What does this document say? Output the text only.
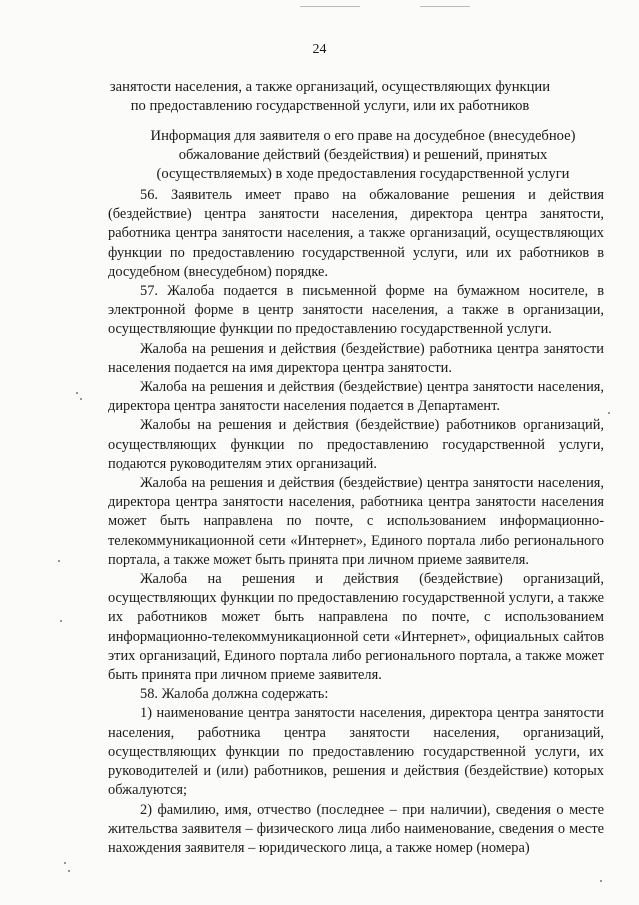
24
занятости населения, а также организаций, осуществляющих функции
по предоставлению государственной услуги, или их работников
Информация для заявителя о его праве на досудебное (внесудебное)
обжалование действий (бездействия) и решений, принятых
(осуществляемых) в ходе предоставления государственной услуги

56. Заявитель имеет право на обжалование решения и действия (бездействие) центра занятости населения, директора центра занятости, работника центра занятости населения, а также организаций, осуществляющих функции по предоставлению государственной услуги, или их работников в досудебном (внесудебном) порядке.

57. Жалоба подается в письменной форме на бумажном носителе, в электронной форме в центр занятости населения, а также в организации, осуществляющие функции по предоставлению государственной услуги.

Жалоба на решения и действия (бездействие) работника центра занятости населения подается на имя директора центра занятости.

Жалоба на решения и действия (бездействие) центра занятости населения, директора центра занятости населения подается в Департамент.

Жалобы на решения и действия (бездействие) работников организаций, осуществляющих функции по предоставлению государственной услуги, подаются руководителям этих организаций.

Жалоба на решения и действия (бездействие) центра занятости населения, директора центра занятости населения, работника центра занятости населения может быть направлена по почте, с использованием информационно-телекоммуникационной сети «Интернет», Единого портала либо регионального портала, а также может быть принята при личном приеме заявителя.

Жалоба на решения и действия (бездействие) организаций, осуществляющих функции по предоставлению государственной услуги, а также их работников может быть направлена по почте, с использованием информационно-телекоммуникационной сети «Интернет», официальных сайтов этих организаций, Единого портала либо регионального портала, а также может быть принята при личном приеме заявителя.

58. Жалоба должна содержать:

1) наименование центра занятости населения, директора центра занятости населения, работника центра занятости населения, организаций, осуществляющих функции по предоставлению государственной услуги, их руководителей и (или) работников, решения и действия (бездействие) которых обжалуются;

2) фамилию, имя, отчество (последнее – при наличии), сведения о месте жительства заявителя – физического лица либо наименование, сведения о месте нахождения заявителя – юридического лица, а также номер (номера)
